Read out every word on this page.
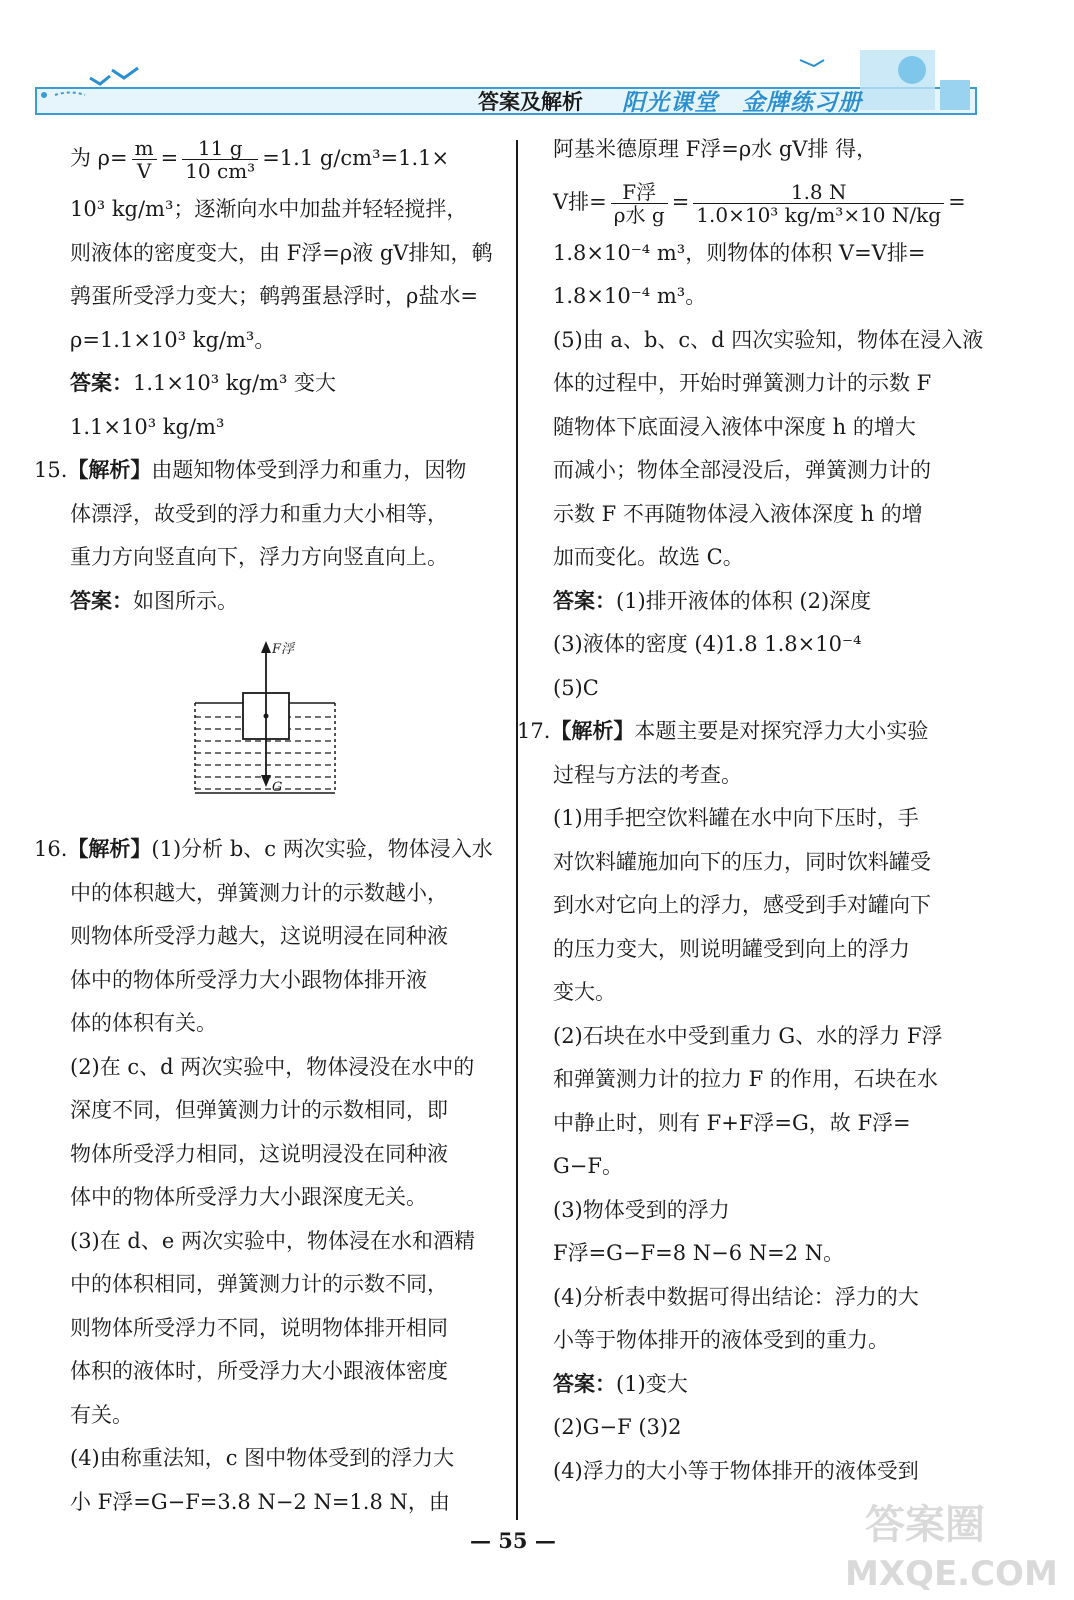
答案及解析 阳光课堂 金牌练习册
为 $\rho= \frac{m}{V} = \frac{11 g}{\text{10 cm³}} =1.1$ g/cm³=1.1×

10³ kg/m³；逐渐向水中加盐并轻轻搅拌，

则液体的密度变大，由 F浮=ρ液 gV排知，鹌

鹑蛋所受浮力变大；鹌鹑蛋悬浮时，ρ盐水=

ρ=1.1×10³ kg/m³。

答案：1.1×10³ kg/m³ 变大

1.1×10³ kg/m³

15.【解析】由题知物体受到浮力和重力，因物

体漂浮，故受到的浮力和重力大小相等，

重力方向竖直向下，浮力方向竖直向上。

答案：如图所示。

F浮
G

16.【解析】(1)分析 b、c 两次实验，物体浸入水

中的体积越大，弹簧测力计的示数越小，

则物体所受浮力越大，这说明浸在同种液

体中的物体所受浮力大小跟物体排开液

体的体积有关。

(2)在 c、d 两次实验中，物体浸没在水中的

深度不同，但弹簧测力计的示数相同，即

物体所受浮力相同，这说明浸没在同种液

体中的物体所受浮力大小跟深度无关。

(3)在 d、e 两次实验中，物体浸在水和酒精

中的体积相同，弹簧测力计的示数不同，

则物体所受浮力不同，说明物体排开相同

体积的液体时，所受浮力大小跟液体密度

有关。

(4)由称重法知，c 图中物体受到的浮力大

小 F浮=G−F=3.8 N−2 N=1.8 N，由

阿基米德原理 F浮=ρ水 gV排 得，

V排= $\frac{\text{F浮}}{\text{ρ水 g}} = \frac{1.8 N}{\text{1.0×10³ kg/m³×10 N/kg}}$ =

1.8×10⁻⁴ m³，则物体的体积 V=V排=

1.8×10⁻⁴ m³。

(5)由 a、b、c、d 四次实验知，物体在浸入液

体的过程中，开始时弹簧测力计的示数 F

随物体下底面浸入液体中深度 h 的增大

而减小；物体全部浸没后，弹簧测力计的

示数 F 不再随物体浸入液体深度 h 的增

加而变化。故选 C。

答案：(1)排开液体的体积 (2)深度

(3)液体的密度 (4)1.8 1.8×10⁻⁴

(5)C

17.【解析】本题主要是对探究浮力大小实验

过程与方法的考查。

(1)用手把空饮料罐在水中向下压时，手

对饮料罐施加向下的压力，同时饮料罐受

到水对它向上的浮力，感受到手对罐向下

的压力变大，则说明罐受到向上的浮力

变大。

(2)石块在水中受到重力 G、水的浮力 F浮

和弹簧测力计的拉力 F 的作用，石块在水

中静止时，则有 F+F浮=G，故 F浮=

G−F。

(3)物体受到的浮力

F浮=G−F=8 N−6 N=2 N。

(4)分析表中数据可得出结论：浮力的大

小等于物体排开的液体受到的重力。

答案：(1)变大

(2)G−F (3)2

(4)浮力的大小等于物体排开的液体受到

— 55 —	答案圈
MXQE.COM
